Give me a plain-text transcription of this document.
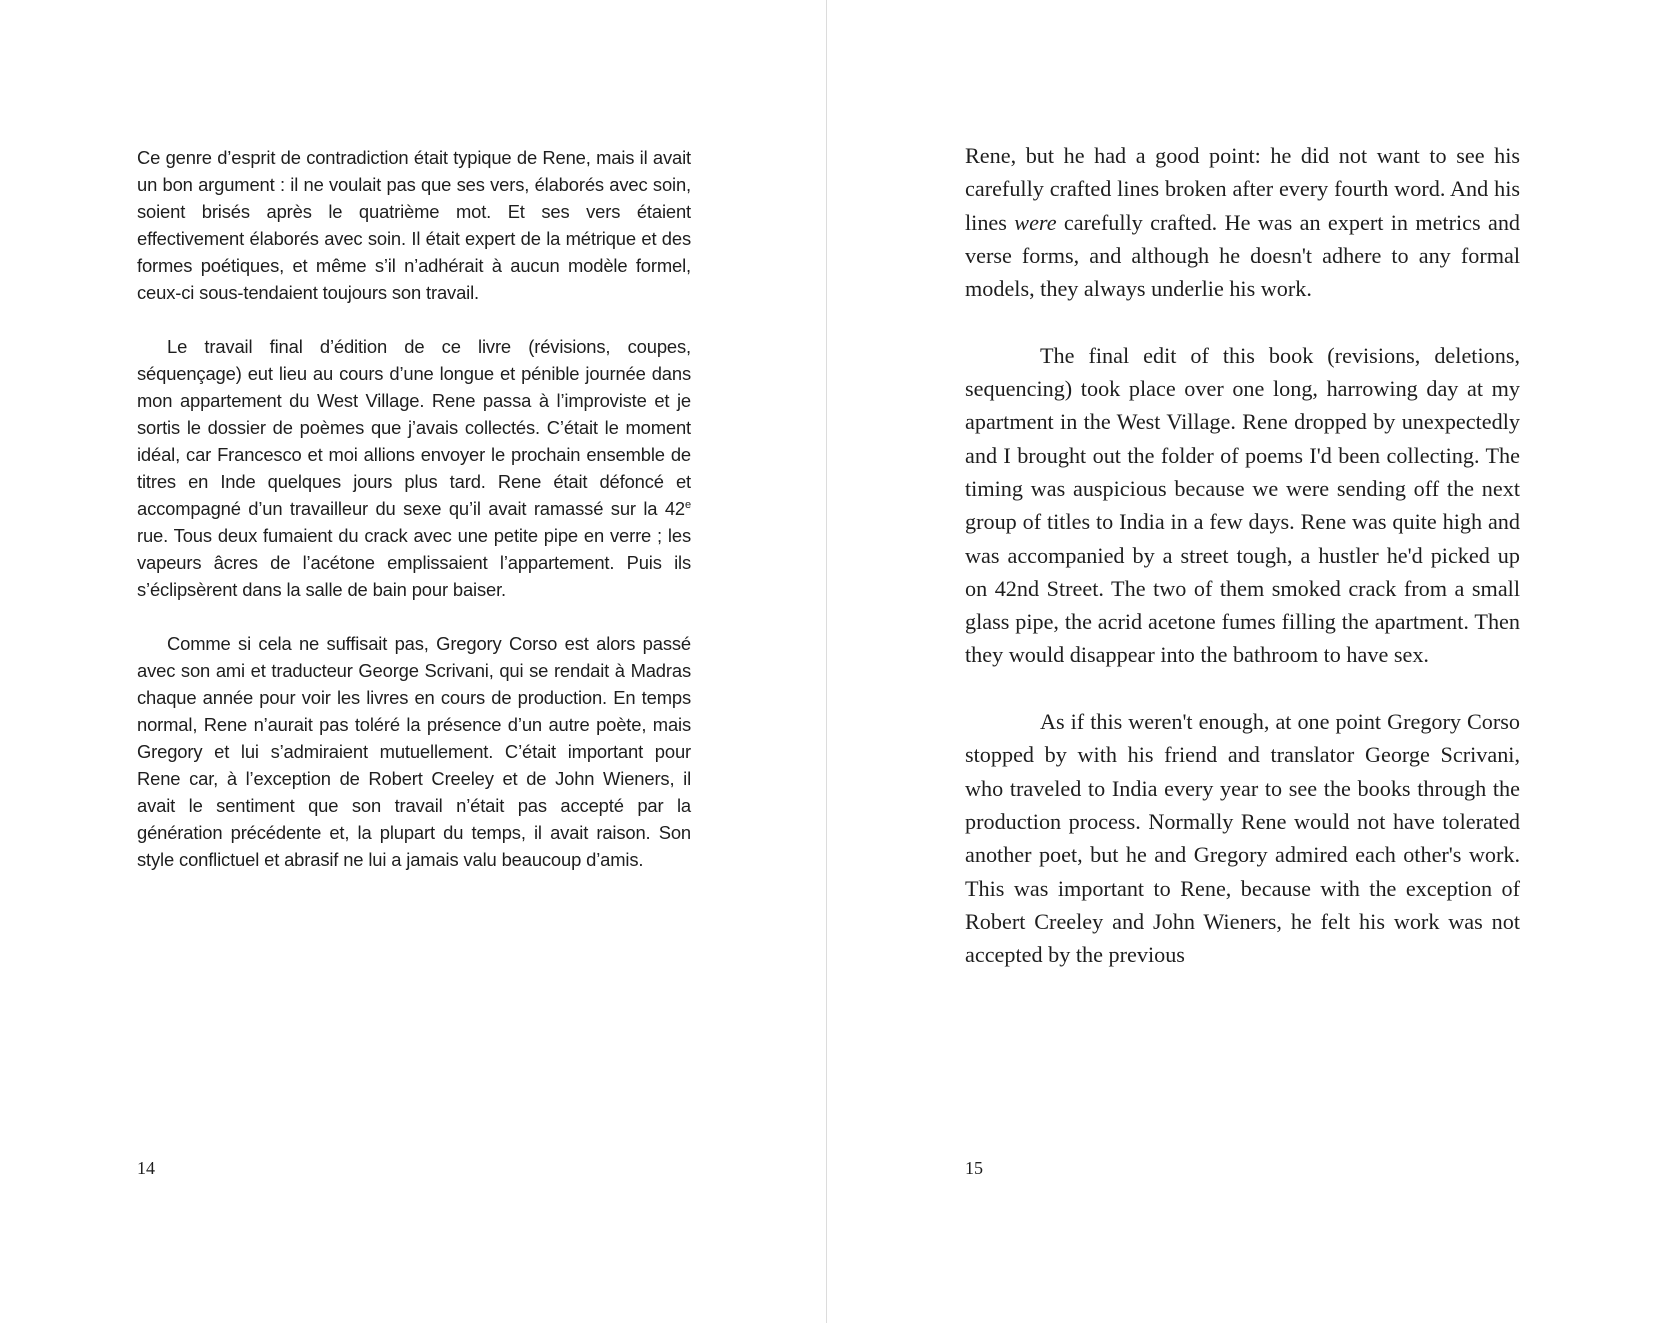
Ce genre d’esprit de contradiction était typique de Rene, mais il avait un bon argument : il ne voulait pas que ses vers, élaborés avec soin, soient brisés après le quatrième mot. Et ses vers étaient effectivement élaborés avec soin. Il était expert de la métrique et des formes poétiques, et même s’il n’adhérait à aucun modèle formel, ceux-ci sous-tendaient toujours son travail.

Le travail final d’édition de ce livre (révisions, coupes, séquençage) eut lieu au cours d’une longue et pénible journée dans mon appartement du West Village. Rene passa à l’improviste et je sortis le dossier de poèmes que j’avais collectés. C’était le moment idéal, car Francesco et moi allions envoyer le prochain ensemble de titres en Inde quelques jours plus tard. Rene était défoncé et accompagné d’un travailleur du sexe qu’il avait ramassé sur la 42e rue. Tous deux fumaient du crack avec une petite pipe en verre ; les vapeurs âcres de l’acétone emplissaient l’appartement. Puis ils s’éclipsèrent dans la salle de bain pour baiser.

Comme si cela ne suffisait pas, Gregory Corso est alors passé avec son ami et traducteur George Scrivani, qui se rendait à Madras chaque année pour voir les livres en cours de production. En temps normal, Rene n’aurait pas toléré la présence d’un autre poète, mais Gregory et lui s’admiraient mutuellement. C’était important pour Rene car, à l’exception de Robert Creeley et de John Wieners, il avait le sentiment que son travail n’était pas accepté par la génération précédente et, la plupart du temps, il avait raison. Son style conflictuel et abrasif ne lui a jamais valu beaucoup d’amis.

14

Rene, but he had a good point: he did not want to see his carefully crafted lines broken after every fourth word. And his lines were carefully crafted. He was an expert in metrics and verse forms, and although he doesn't adhere to any formal models, they always underlie his work.

The final edit of this book (revisions, deletions, sequencing) took place over one long, harrowing day at my apartment in the West Village. Rene dropped by unexpectedly and I brought out the folder of poems I'd been collecting. The timing was auspicious because we were sending off the next group of titles to India in a few days. Rene was quite high and was accompanied by a street tough, a hustler he'd picked up on 42nd Street. The two of them smoked crack from a small glass pipe, the acrid acetone fumes filling the apartment. Then they would disappear into the bathroom to have sex.

As if this weren't enough, at one point Gregory Corso stopped by with his friend and translator George Scrivani, who traveled to India every year to see the books through the production process. Normally Rene would not have tolerated another poet, but he and Gregory admired each other's work. This was important to Rene, because with the exception of Robert Creeley and John Wieners, he felt his work was not accepted by the previous

15
